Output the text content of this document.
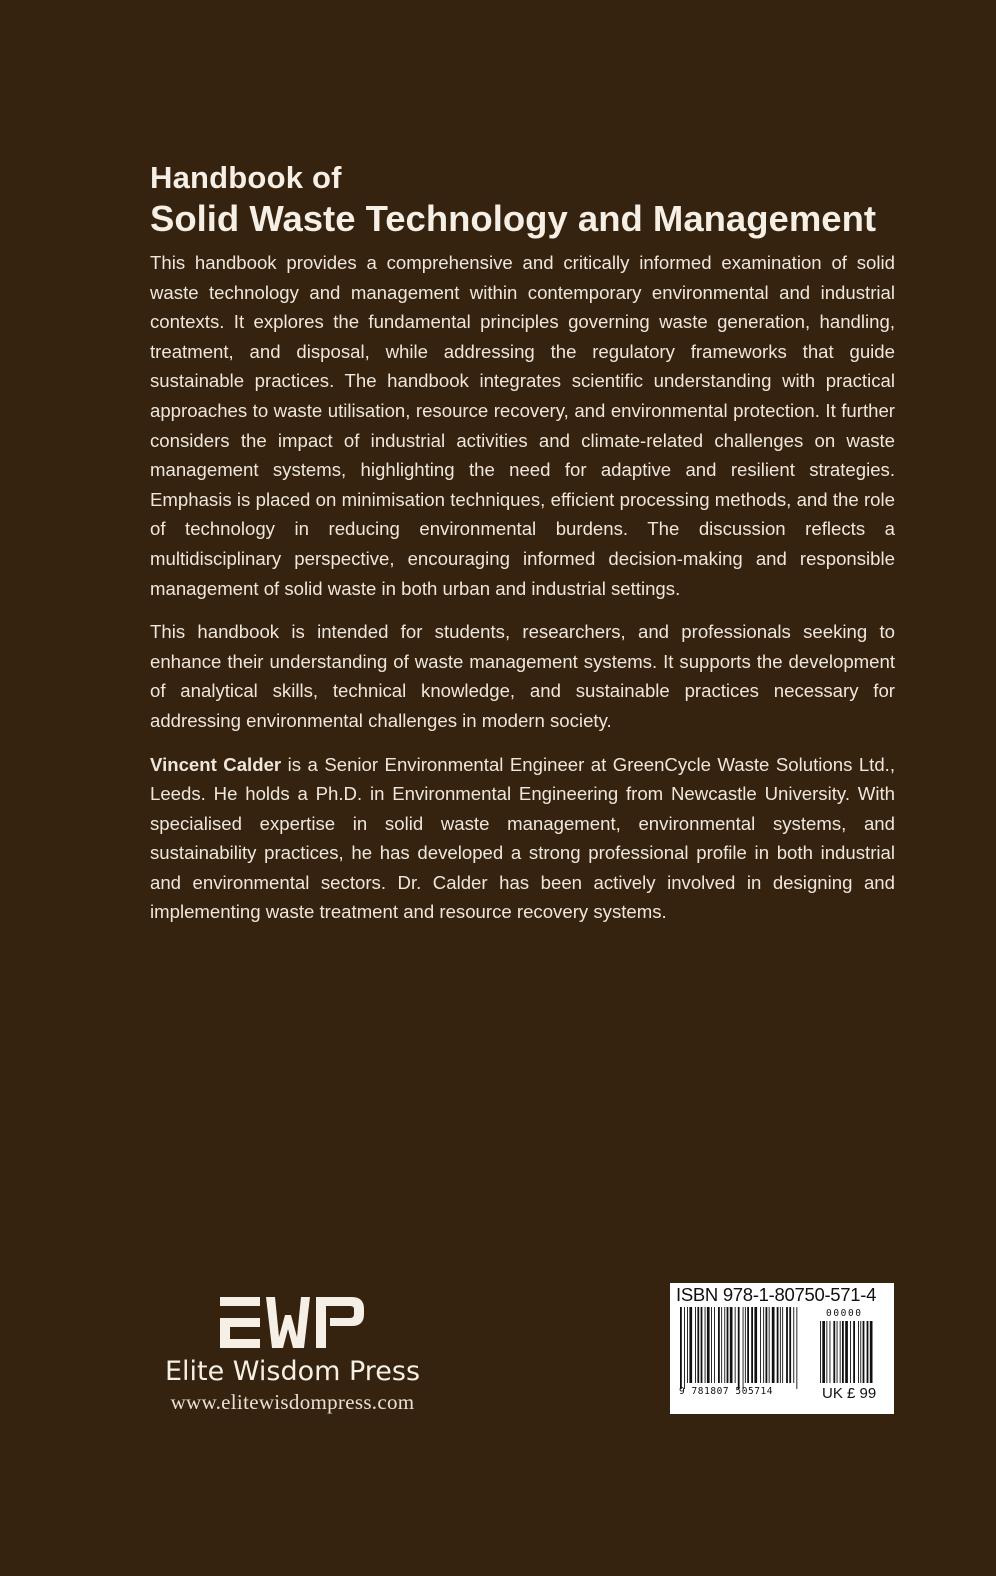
Handbook of
Solid Waste Technology and Management

This handbook provides a comprehensive and critically informed examination of solid waste technology and management within contemporary environmental and industrial contexts. It explores the fundamental principles governing waste generation, handling, treatment, and disposal, while addressing the regulatory frameworks that guide sustainable practices. The handbook integrates scientific understanding with practical approaches to waste utilisation, resource recovery, and environmental protection. It further considers the impact of industrial activities and climate-related challenges on waste management systems, highlighting the need for adaptive and resilient strategies. Emphasis is placed on minimisation techniques, efficient processing methods, and the role of technology in reducing environmental burdens. The discussion reflects a multidisciplinary perspective, encouraging informed decision-making and responsible management of solid waste in both urban and industrial settings.

This handbook is intended for students, researchers, and professionals seeking to enhance their understanding of waste management systems. It supports the development of analytical skills, technical knowledge, and sustainable practices necessary for addressing environmental challenges in modern society.

Vincent Calder is a Senior Environmental Engineer at GreenCycle Waste Solutions Ltd., Leeds. He holds a Ph.D. in Environmental Engineering from Newcastle University. With specialised expertise in solid waste management, environmental systems, and sustainability practices, he has developed a strong professional profile in both industrial and environmental sectors. Dr. Calder has been actively involved in designing and implementing waste treatment and resource recovery systems.

Elite Wisdom Press
www.elitewisdompress.com
ISBN 978-1-80750-571-4
00000
9 781807 505714	UK £ 99
